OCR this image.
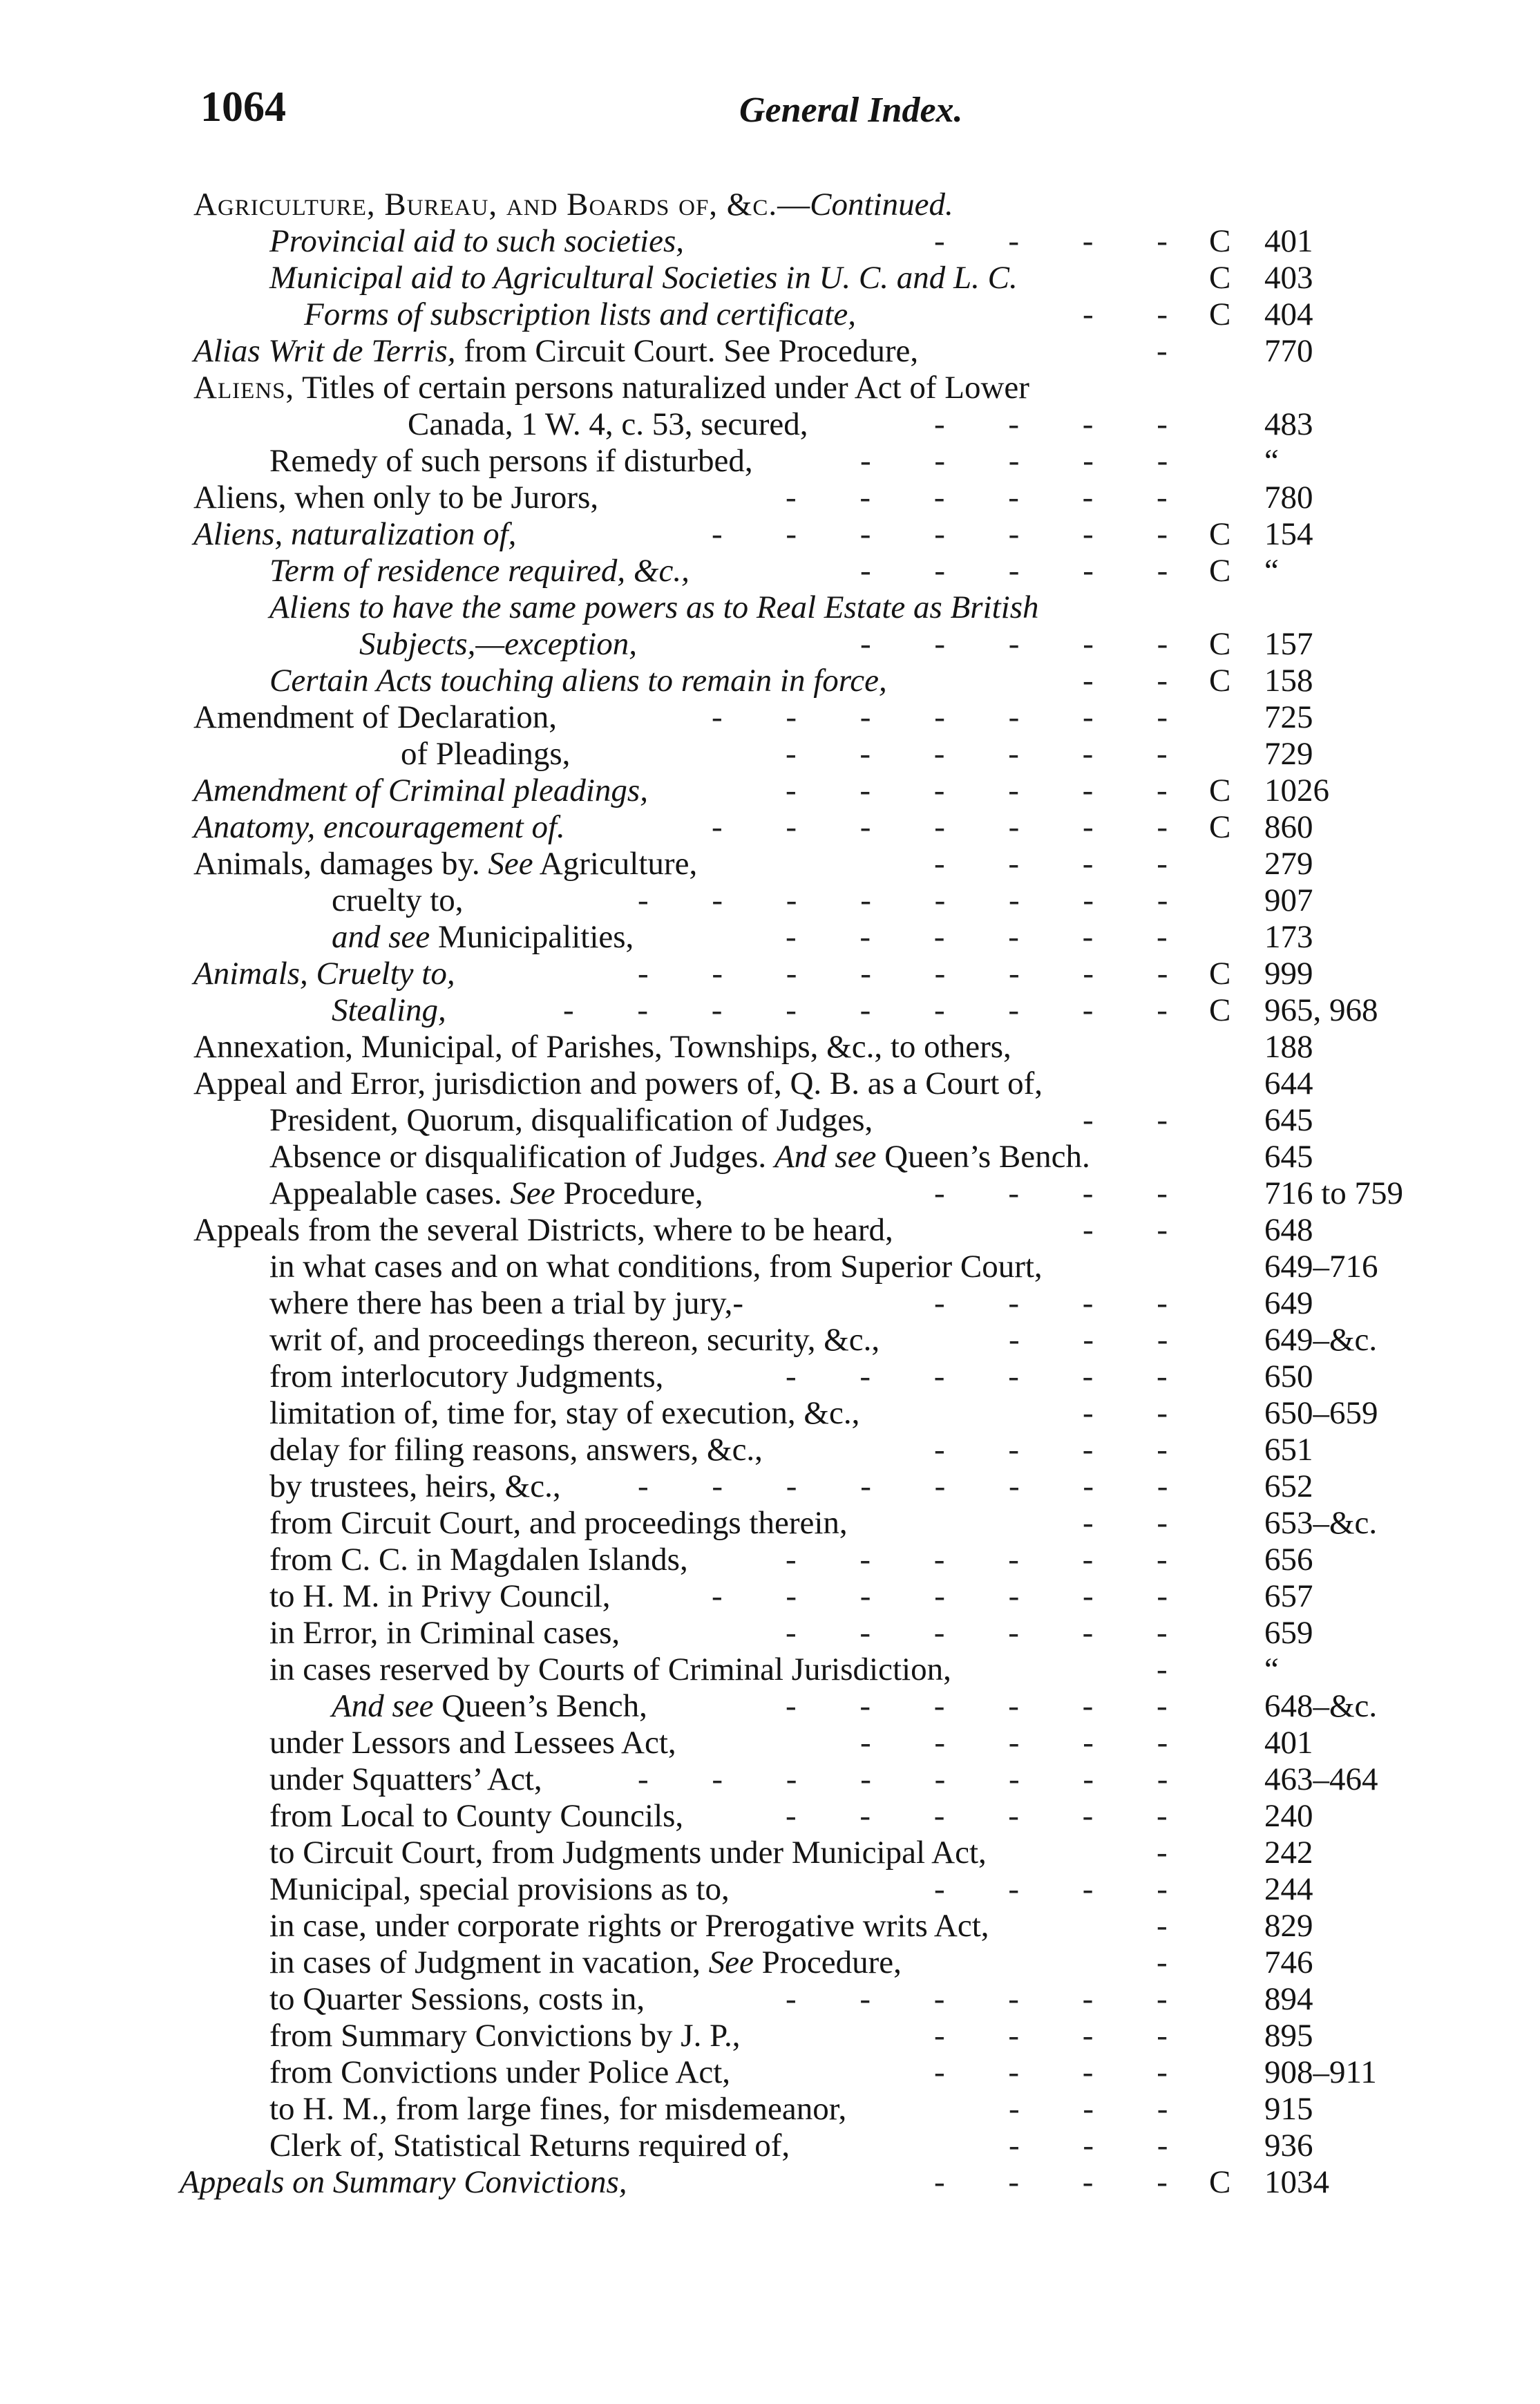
1064	General Index.
Agriculture, Bureau, and Boards of, &c.—Continued.
Provincial aid to such societies,	- - - - C 401
Municipal aid to Agricultural Societies in U. C. and L. C.	C 403
Forms of subscription lists and certificate,	- - C 404
Alias Writ de Terris, from Circuit Court. See Procedure,	- 770
Aliens, Titles of certain persons naturalized under Act of Lower
Canada, 1 W. 4, c. 53, secured,	- - - - 483
Remedy of such persons if disturbed,	- - - - - “
Aliens, when only to be Jurors,	- - - - - - 780
Aliens, naturalization of,	- - - - - - - C 154
Term of residence required, &c.,	- - - - - C “
Aliens to have the same powers as to Real Estate as British
Subjects,—exception,	- - - - - C 157
Certain Acts touching aliens to remain in force,	- - C 158
Amendment of Declaration,	- - - - - - - 725
of Pleadings,	- - - - - - 729
Amendment of Criminal pleadings,	- - - - - - C 1026
Anatomy, encouragement of.	- - - - - - - C 860
Animals, damages by. See Agriculture,	- - - - 279
cruelty to,	- - - - - - - - 907
and see Municipalities,	- - - - - - 173
Animals, Cruelty to,	- - - - - - - - C 999
Stealing,	- - - - - - - - - C 965, 968
Annexation, Municipal, of Parishes, Townships, &c., to others,	188
Appeal and Error, jurisdiction and powers of, Q. B. as a Court of,	644
President, Quorum, disqualification of Judges,	- - 645
Absence or disqualification of Judges. And see Queen’s Bench.	645
Appealable cases. See Procedure,	- - - - 716 to 759
Appeals from the several Districts, where to be heard,	- - 648
in what cases and on what conditions, from Superior Court,	649–716
where there has been a trial by jury,-	- - - - 649
writ of, and proceedings thereon, security, &c.,	- - - 649–&c.
from interlocutory Judgments,	- - - - - - 650
limitation of, time for, stay of execution, &c.,	- - 650–659
delay for filing reasons, answers, &c.,	- - - - 651
by trustees, heirs, &c., - - - - - - - - 652
from Circuit Court, and proceedings therein,	- - 653–&c.
from C. C. in Magdalen Islands,	- - - - - - 656
to H. M. in Privy Council,	- - - - - - - 657
in Error, in Criminal cases,	- - - - - - 659
in cases reserved by Courts of Criminal Jurisdiction,	- “
And see Queen’s Bench,	- - - - - - 648–&c.
under Lessors and Lessees Act,	- - - - - 401
under Squatters’ Act,	- - - - - - - - 463–464
from Local to County Councils,	- - - - - - 240
to Circuit Court, from Judgments under Municipal Act,	- 242
Municipal, special provisions as to,	- - - - 244
in case, under corporate rights or Prerogative writs Act,	- 829
in cases of Judgment in vacation, See Procedure,	- 746
to Quarter Sessions, costs in,	- - - - - - 894
from Summary Convictions by J. P.,	- - - - 895
from Convictions under Police Act,	- - - - 908–911
to H. M., from large fines, for misdemeanor,	- - - 915
Clerk of, Statistical Returns required of,	- - - 936
Appeals on Summary Convictions,	- - - - C 1034
